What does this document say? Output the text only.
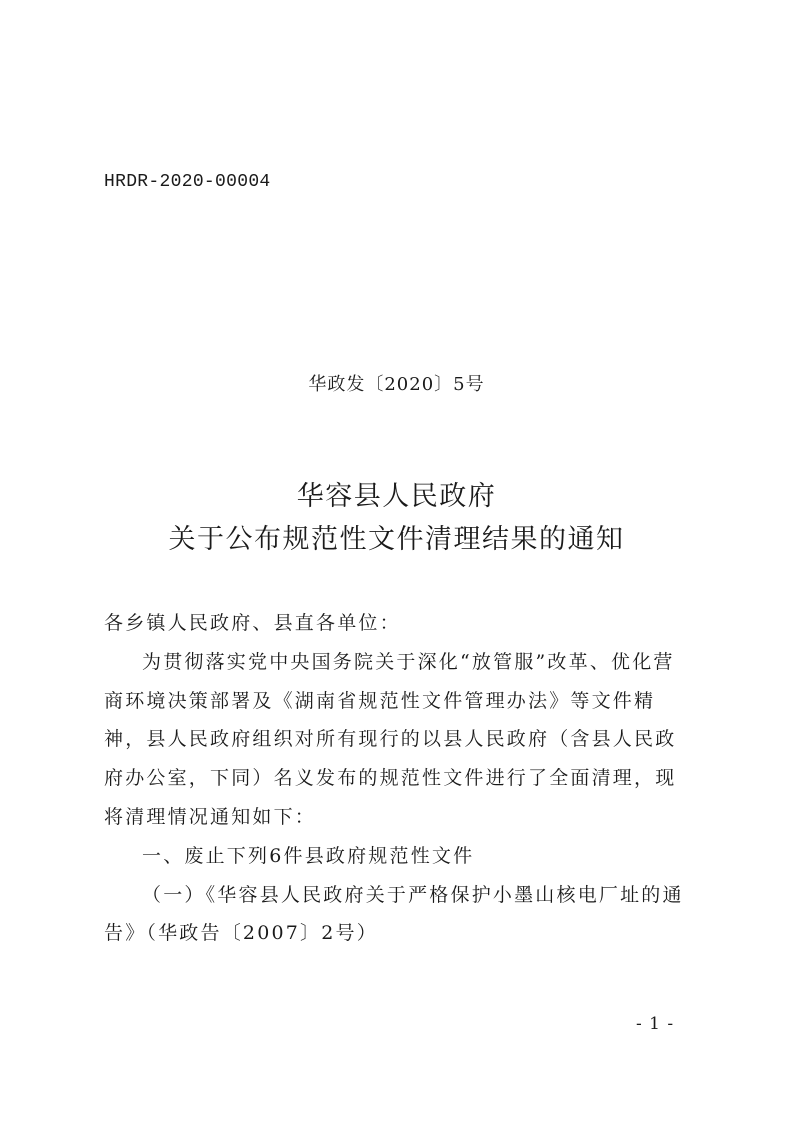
HRDR-2020-00004
华政发〔2020〕5号
华容县人民政府
关于公布规范性文件清理结果的通知

各乡镇人民政府、县直各单位：

为贯彻落实党中央国务院关于深化“放管服”改革、优化营商环境决策部署及《湖南省规范性文件管理办法》等文件精神，县人民政府组织对所有现行的以县人民政府（含县人民政府办公室，下同）名义发布的规范性文件进行了全面清理，现将清理情况通知如下：

一、废止下列6件县政府规范性文件

（一）《华容县人民政府关于严格保护小墨山核电厂址的通告》（华政告〔2007〕2号）

- 1 -
